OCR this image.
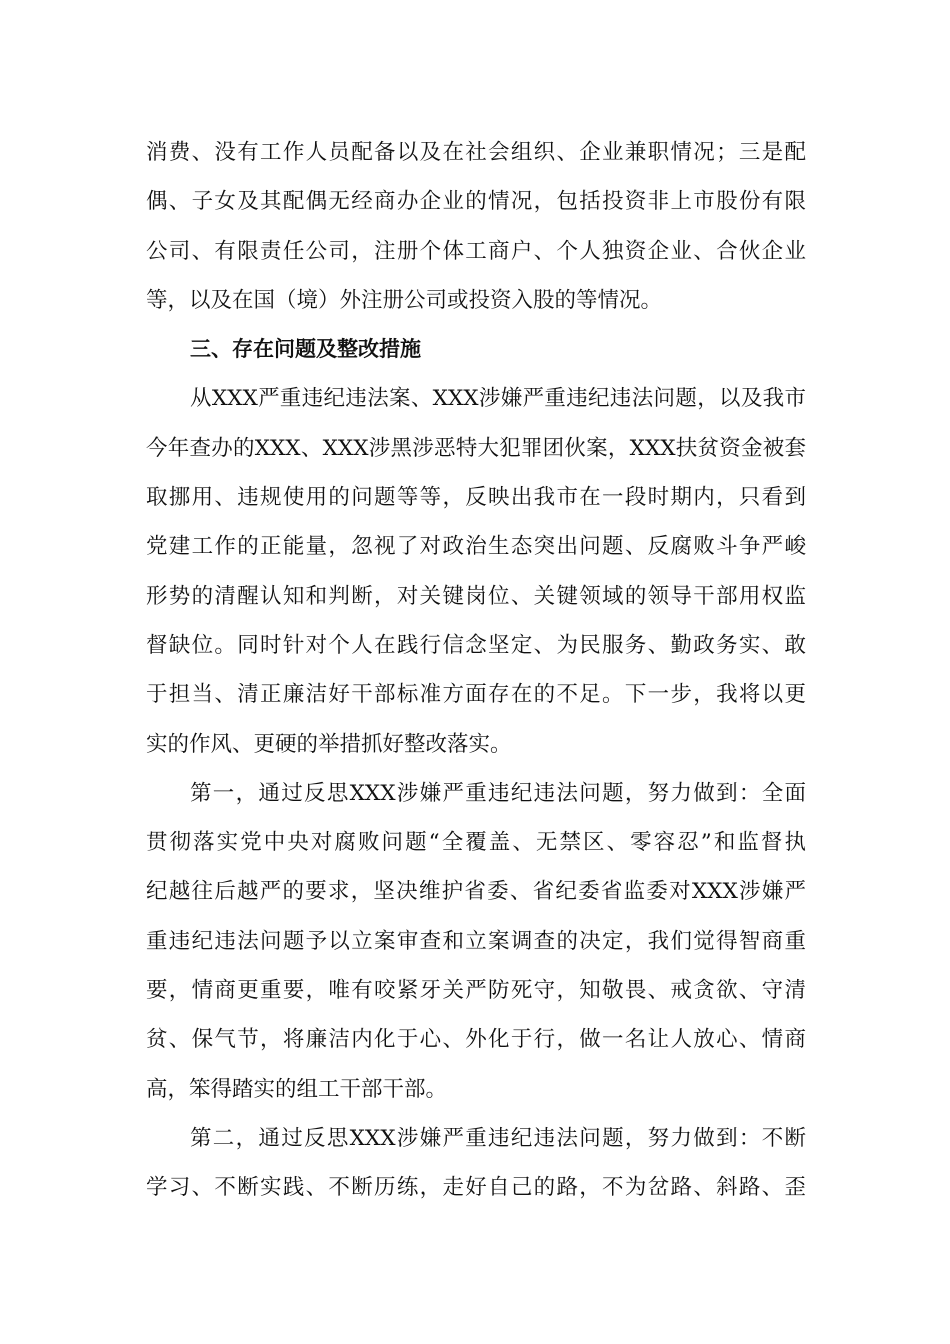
消费、没有工作人员配备以及在社会组织、企业兼职情况；三是配
偶、子女及其配偶无经商办企业的情况，包括投资非上市股份有限
公司、有限责任公司，注册个体工商户、个人独资企业、合伙企业
等，以及在国（境）外注册公司或投资入股的等情况。
三、存在问题及整改措施
从XXX严重违纪违法案、XXX涉嫌严重违纪违法问题，以及我市
今年查办的XXX、XXX涉黑涉恶特大犯罪团伙案，XXX扶贫资金被套
取挪用、违规使用的问题等等，反映出我市在一段时期内，只看到
党建工作的正能量，忽视了对政治生态突出问题、反腐败斗争严峻
形势的清醒认知和判断，对关键岗位、关键领域的领导干部用权监
督缺位。同时针对个人在践行信念坚定、为民服务、勤政务实、敢
于担当、清正廉洁好干部标准方面存在的不足。下一步，我将以更
实的作风、更硬的举措抓好整改落实。
第一，通过反思XXX涉嫌严重违纪违法问题，努力做到：全面
贯彻落实党中央对腐败问题“全覆盖、无禁区、零容忍”和监督执
纪越往后越严的要求，坚决维护省委、省纪委省监委对XXX涉嫌严
重违纪违法问题予以立案审查和立案调查的决定，我们觉得智商重
要，情商更重要，唯有咬紧牙关严防死守，知敬畏、戒贪欲、守清
贫、保气节，将廉洁内化于心、外化于行，做一名让人放心、情商
高，笨得踏实的组工干部干部。
第二，通过反思XXX涉嫌严重违纪违法问题，努力做到：不断
学习、不断实践、不断历练，走好自己的路，不为岔路、斜路、歪
